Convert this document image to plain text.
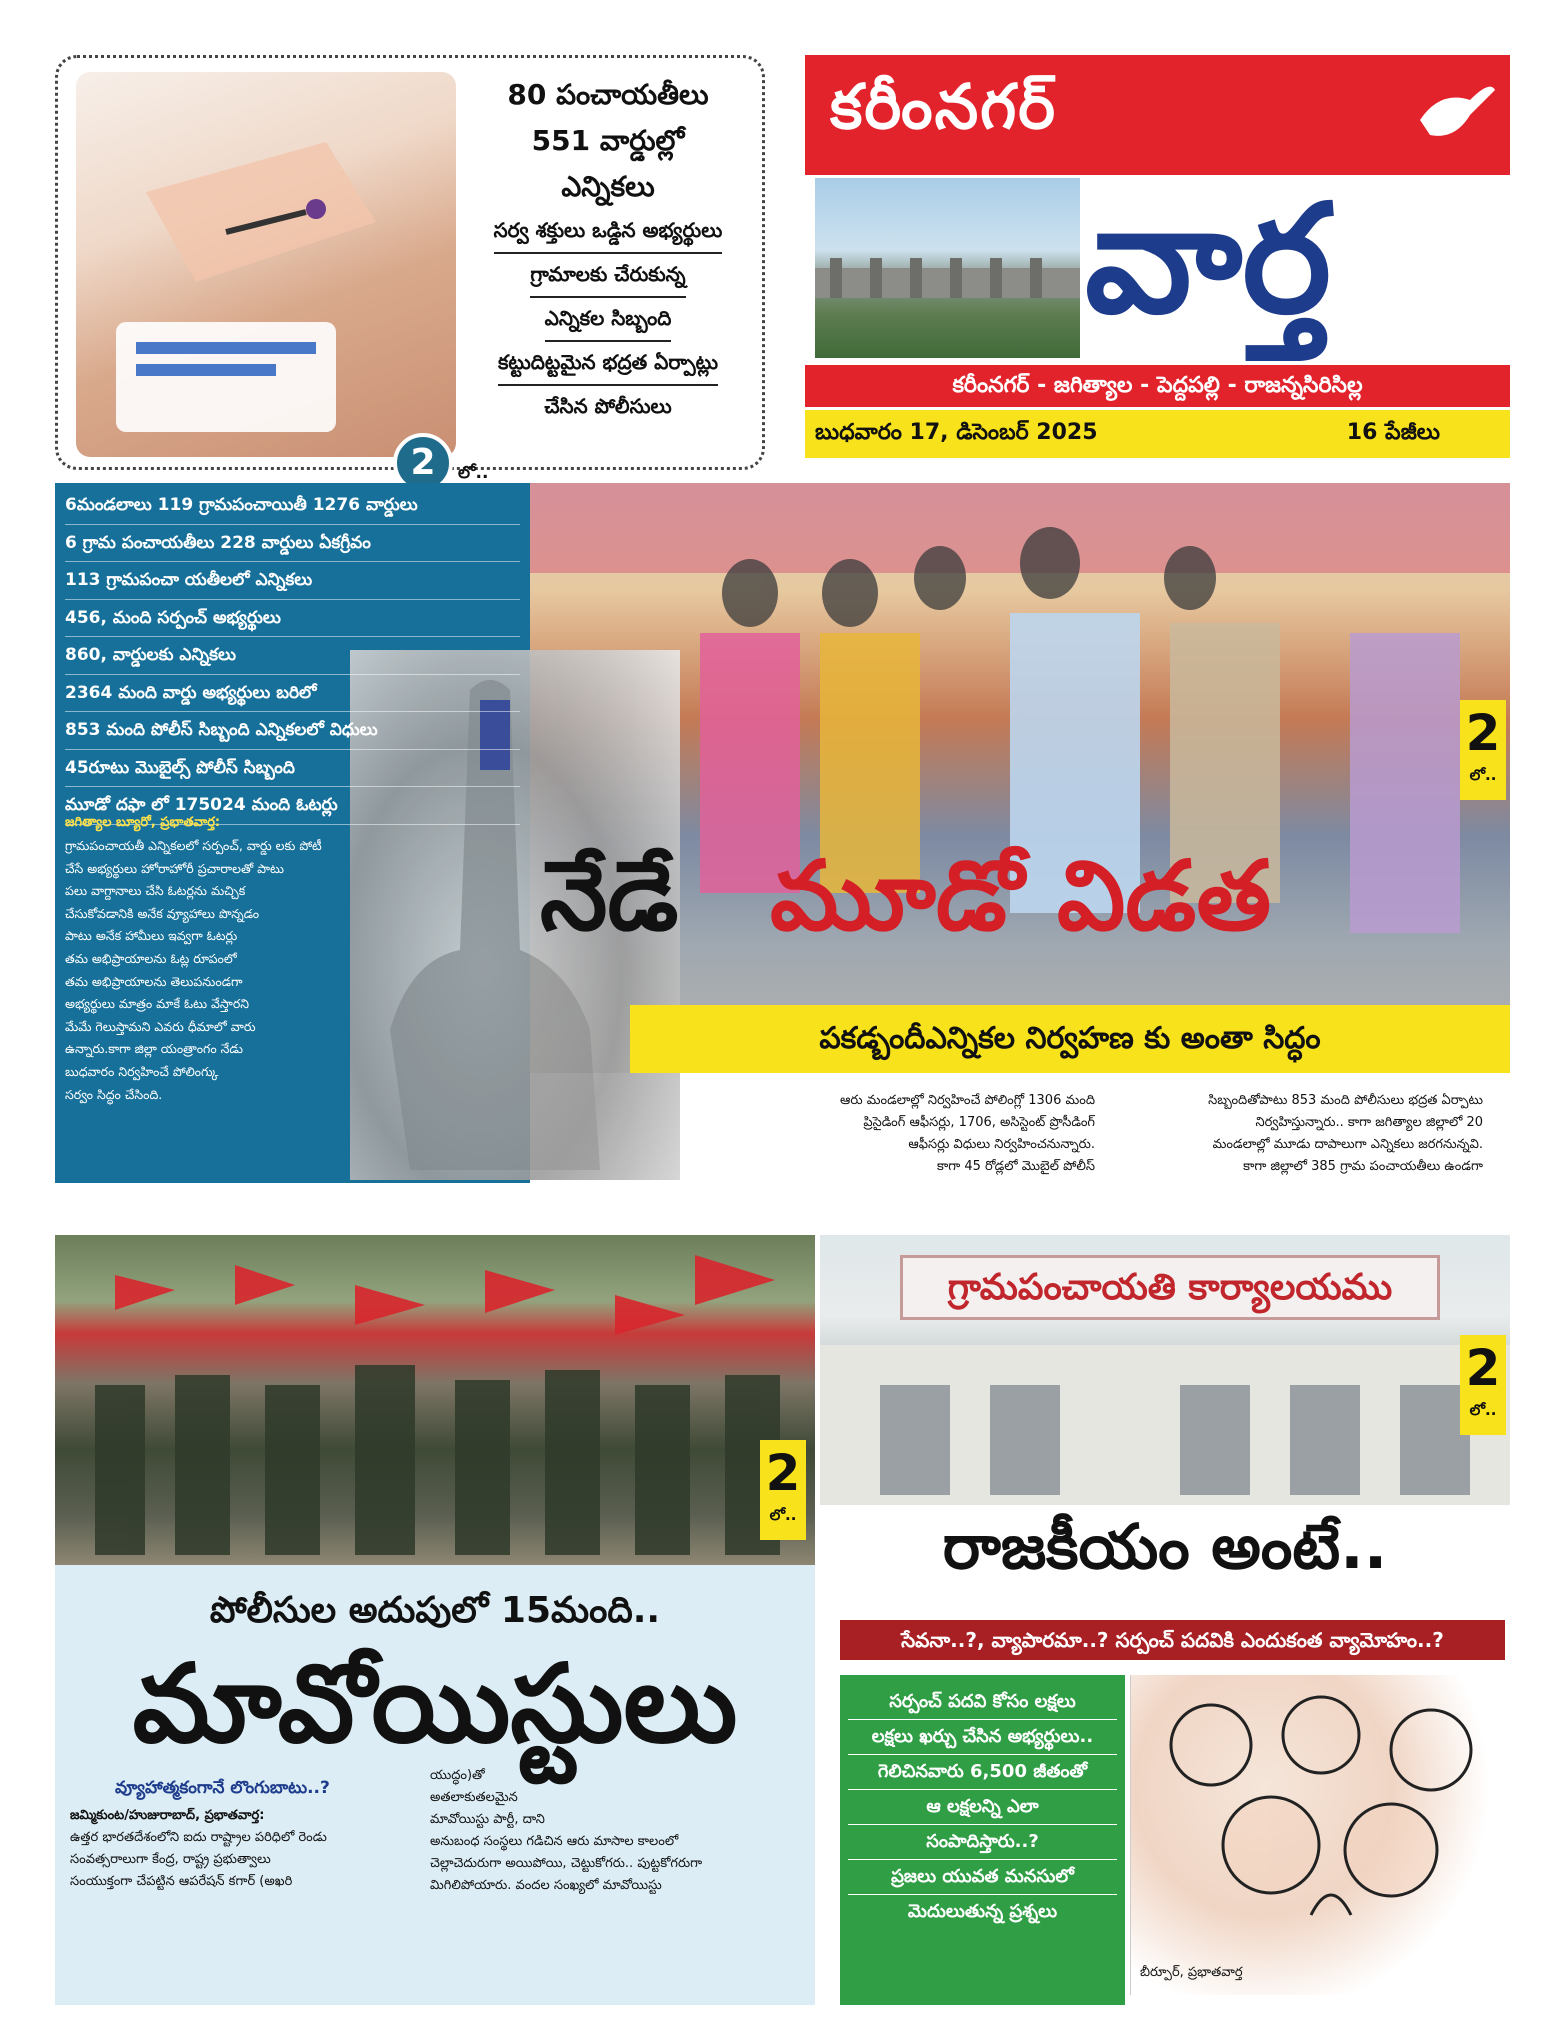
2	లో..
80 పంచాయతీలు
551 వార్డుల్లో
ఎన్నికలు
సర్వ శక్తులు ఒడ్డిన అభ్యర్థులు
గ్రామాలకు చేరుకున్న
ఎన్నికల సిబ్బంది
కట్టుదిట్టమైన భద్రత ఏర్పాట్లు
చేసిన పోలీసులు
కరీంనగర్
వార్త
కరీంనగర్ - జగిత్యాల - పెద్దపల్లి - రాజన్నసిరిసిల్ల
బుధవారం 17, డిసెంబర్ 2025	16 పేజీలు
6మండలాలు 119 గ్రామపంచాయితీ 1276 వార్డులు
6 గ్రామ పంచాయతీలు 228 వార్డులు ఏకగ్రీవం
113 గ్రామపంచా యతీలలో ఎన్నికలు
456, మంది సర్పంచ్ అభ్యర్థులు
860, వార్డులకు ఎన్నికలు
2364 మంది వార్డు అభ్యర్థులు బరిలో
853 మంది పోలీస్ సిబ్బంది ఎన్నికలలో విధులు
45రూటు మొబైల్స్ పోలీస్ సిబ్బంది
మూడో దఫా లో 175024 మంది ఓటర్లు
జగిత్యాల బ్యూరో, ప్రభాతవార్త:
గ్రామపంచాయతీ ఎన్నికలలో సర్పంచ్, వార్డు లకు పోటీ
చేసే అభ్యర్థులు హోరాహోరీ ప్రచారాలతో పాటు
పలు వాగ్దానాలు చేసి ఓటర్లను మచ్చిక
చేసుకోవడానికి అనేక వ్యూహాలు పొన్నడం
పాటు అనేక హామీలు ఇవ్వగా ఓటర్లు
తమ అభిప్రాయాలను ఓట్ల రూపంలో
తమ అభిప్రాయాలను తెలుపనుండగా
అభ్యర్థులు మాత్రం మాకే ఓటు వేస్తారని
మేమే గెలుస్తామని ఎవరు ధీమాలో వారు
ఉన్నారు.కాగా జిల్లా యంత్రాంగం నేడు
బుధవారం నిర్వహించే పోలింగ్కు
సర్వం సిద్ధం చేసింది.
నేడే మూడో విడత
2
లో..
పకడ్బందీఎన్నికల నిర్వహణ కు అంతా సిద్ధం
ఆరు మండలాల్లో నిర్వహించే పోలింగ్లో 1306 మంది
ప్రిసైడింగ్ ఆఫీసర్లు, 1706, అసిస్టెంట్ ప్రొసీడింగ్
ఆఫీసర్లు విధులు నిర్వహించనున్నారు.
కాగా 45 రోడ్లలో మొబైల్ పోలీస్
సిబ్బందితోపాటు 853 మంది పోలీసులు భద్రత ఏర్పాటు
నిర్వహిస్తున్నారు.. కాగా జగిత్యాల జిల్లాలో 20
మండలాల్లో మూడు దాపాలుగా ఎన్నికలు జరగనున్నవి.
కాగా జిల్లాలో 385 గ్రామ పంచాయతీలు ఉండగా
2
లో..
పోలీసుల అదుపులో 15మంది..
మావోయిస్టులు
వ్యూహాత్మకంగానే లొంగుబాటు..?
జమ్మికుంట/హుజురాబాద్, ప్రభాతవార్త:
ఉత్తర భారతదేశంలోని ఐదు రాష్ట్రాల పరిధిలో రెండు
సంవత్సరాలుగా కేంద్ర, రాష్ట్ర ప్రభుత్వాలు
సంయుక్తంగా చేపట్టిన ఆపరేషన్ కగార్ (అఖరి
యుద్ధం)తో
అతలాకుతలమైన
మావోయిస్టు పార్టీ, దాని
అనుబంధ సంస్థలు గడిచిన ఆరు మాసాల కాలంలో
చెల్లాచెదురుగా అయిపోయి, చెట్టుకోగరు.. పుట్టకోగరుగా
మిగిలిపోయారు. వందల సంఖ్యలో మావోయిస్టు
గ్రామపంచాయతి కార్యాలయము
2
లో..
రాజకీయం అంటే..
సేవనా..?, వ్యాపారమా..? సర్పంచ్ పదవికి ఎందుకంత వ్యామోహం..?
సర్పంచ్ పదవి కోసం లక్షలు
లక్షలు ఖర్చు చేసిన అభ్యర్థులు..
గెలిచినవారు 6,500 జీతంతో
ఆ లక్షలన్ని ఎలా
సంపాదిస్తారు..?
ప్రజలు యువత మనసులో
మెదులుతున్న ప్రశ్నలు
బీర్పూర్, ప్రభాతవార్త
